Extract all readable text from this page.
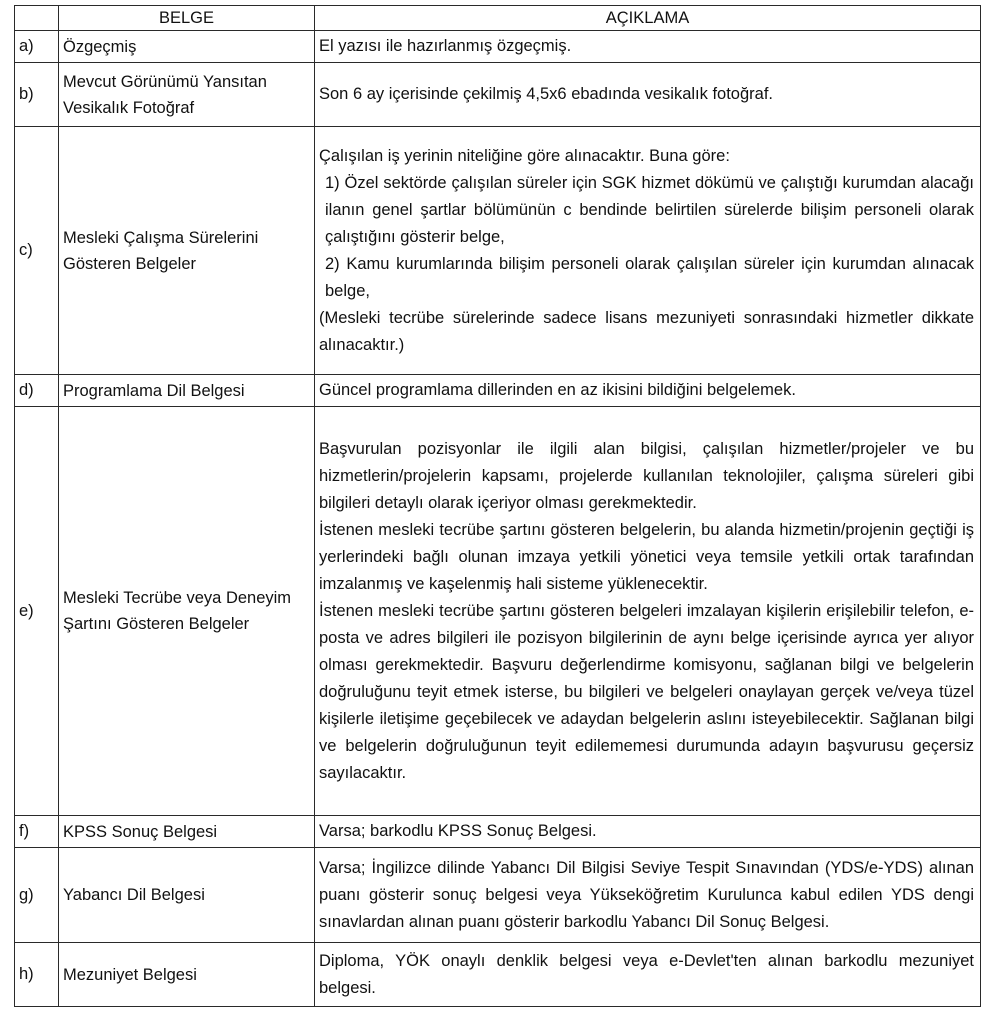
	BELGE	AÇIKLAMA
a)	Özgeçmiş	El yazısı ile hazırlanmış özgeçmiş.

b)	Mevcut Görünümü Yansıtan Vesikalık Fotoğraf	Son 6 ay içerisinde çekilmiş 4,5x6 ebadında vesikalık fotoğraf.

c)	Mesleki Çalışma Sürelerini Gösteren Belgeler	Çalışılan iş yerinin niteliğine göre alınacaktır. Buna göre:
1) Özel sektörde çalışılan süreler için SGK hizmet dökümü ve çalıştığı kurumdan alacağı ilanın genel şartlar bölümünün c bendinde belirtilen sürelerde bilişim personeli olarak çalıştığını gösterir belge,
2) Kamu kurumlarında bilişim personeli olarak çalışılan süreler için kurumdan alınacak belge,
(Mesleki tecrübe sürelerinde sadece lisans mezuniyeti sonrasındaki hizmetler dikkate alınacaktır.)

d)	Programlama Dil Belgesi	Güncel programlama dillerinden en az ikisini bildiğini belgelemek.

e)	Mesleki Tecrübe veya Deneyim Şartını Gösteren Belgeler	Başvurulan pozisyonlar ile ilgili alan bilgisi, çalışılan hizmetler/projeler ve bu hizmetlerin/projelerin kapsamı, projelerde kullanılan teknolojiler, çalışma süreleri gibi bilgileri detaylı olarak içeriyor olması gerekmektedir.
İstenen mesleki tecrübe şartını gösteren belgelerin, bu alanda hizmetin/projenin geçtiği iş yerlerindeki bağlı olunan imzaya yetkili yönetici veya temsile yetkili ortak tarafından imzalanmış ve kaşelenmiş hali sisteme yüklenecektir.
İstenen mesleki tecrübe şartını gösteren belgeleri imzalayan kişilerin erişilebilir telefon, e-posta ve adres bilgileri ile pozisyon bilgilerinin de aynı belge içerisinde ayrıca yer alıyor olması gerekmektedir. Başvuru değerlendirme komisyonu, sağlanan bilgi ve belgelerin doğruluğunu teyit etmek isterse, bu bilgileri ve belgeleri onaylayan gerçek ve/veya tüzel kişilerle iletişime geçebilecek ve adaydan belgelerin aslını isteyebilecektir. Sağlanan bilgi ve belgelerin doğruluğunun teyit edilememesi durumunda adayın başvurusu geçersiz sayılacaktır.

f)	KPSS Sonuç Belgesi	Varsa; barkodlu KPSS Sonuç Belgesi.

g)	Yabancı Dil Belgesi	Varsa; İngilizce dilinde Yabancı Dil Bilgisi Seviye Tespit Sınavından (YDS/e-YDS) alınan puanı gösterir sonuç belgesi veya Yükseköğretim Kurulunca kabul edilen YDS dengi sınavlardan alınan puanı gösterir barkodlu Yabancı Dil Sonuç Belgesi.

h)	Mezuniyet Belgesi	Diploma, YÖK onaylı denklik belgesi veya e-Devlet'ten alınan barkodlu mezuniyet belgesi.
